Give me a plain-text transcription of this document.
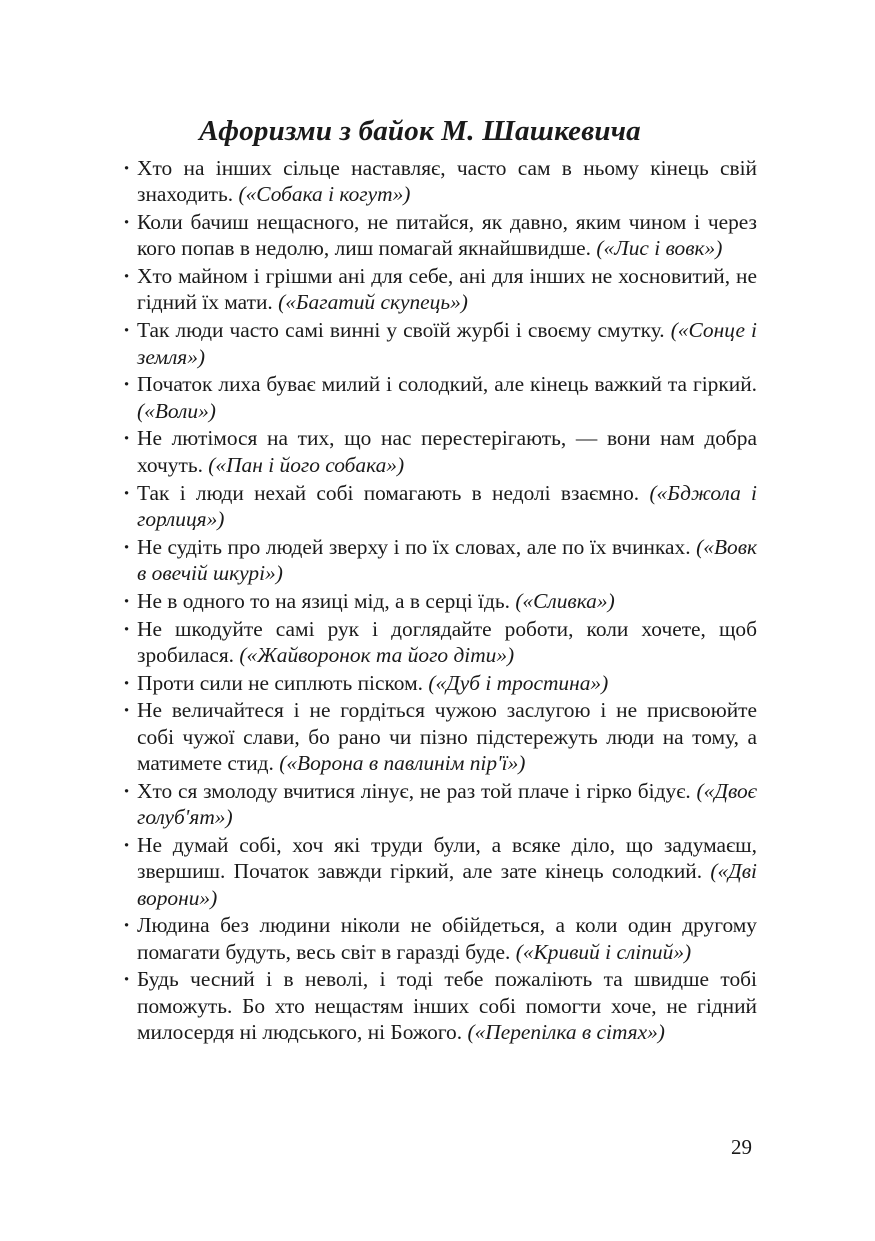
Афоризми з байок М. Шашкевича
· Хто на інших сільце наставляє, часто сам в ньому кінець свій знаходить. («Собака і когут»)
· Коли бачиш нещасного, не питайся, як давно, яким чином і через кого попав в недолю, лиш помагай якнайшвидше. («Лис і вовк»)
· Хто майном і грішми ані для себе, ані для інших не хосновитий, не гідний їх мати. («Багатий скупець»)
· Так люди часто самі винні у своїй журбі і своєму смутку. («Сонце і земля»)
· Початок лиха буває милий і солодкий, але кінець важкий та гіркий. («Воли»)
· Не лютімося на тих, що нас перестерігають, — вони нам добра хочуть. («Пан і його собака»)
· Так і люди нехай собі помагають в недолі взаємно. («Бджола і горлиця»)
· Не судіть про людей зверху і по їх словах, але по їх вчинках. («Вовк в овечій шкурі»)
· Не в одного то на язиці мід, а в серці їдь. («Сливка»)
· Не шкодуйте самі рук і доглядайте роботи, коли хочете, щоб зробилася. («Жайворонок та його діти»)
· Проти сили не сиплють піском. («Дуб і тростина»)
· Не величайтеся і не гордіться чужою заслугою і не присвоюйте собі чужої слави, бо рано чи пізно підстережуть люди на тому, а матимете стид. («Ворона в павлинім пір'ї»)
· Хто ся змолоду вчитися лінує, не раз той плаче і гірко бідує. («Двоє голуб'ят»)
· Не думай собі, хоч які труди були, а всяке діло, що задумаєш, звершиш. Початок завжди гіркий, але зате кінець солодкий. («Дві ворони»)
· Людина без людини ніколи не обійдеться, а коли один другому помагати будуть, весь світ в гаразді буде. («Кривий і сліпий»)
· Будь чесний і в неволі, і тоді тебе пожаліють та швидше тобі поможуть. Бо хто нещастям інших собі помогти хоче, не гідний милосердя ні людського, ні Божого. («Перепілка в сітях»)
29
